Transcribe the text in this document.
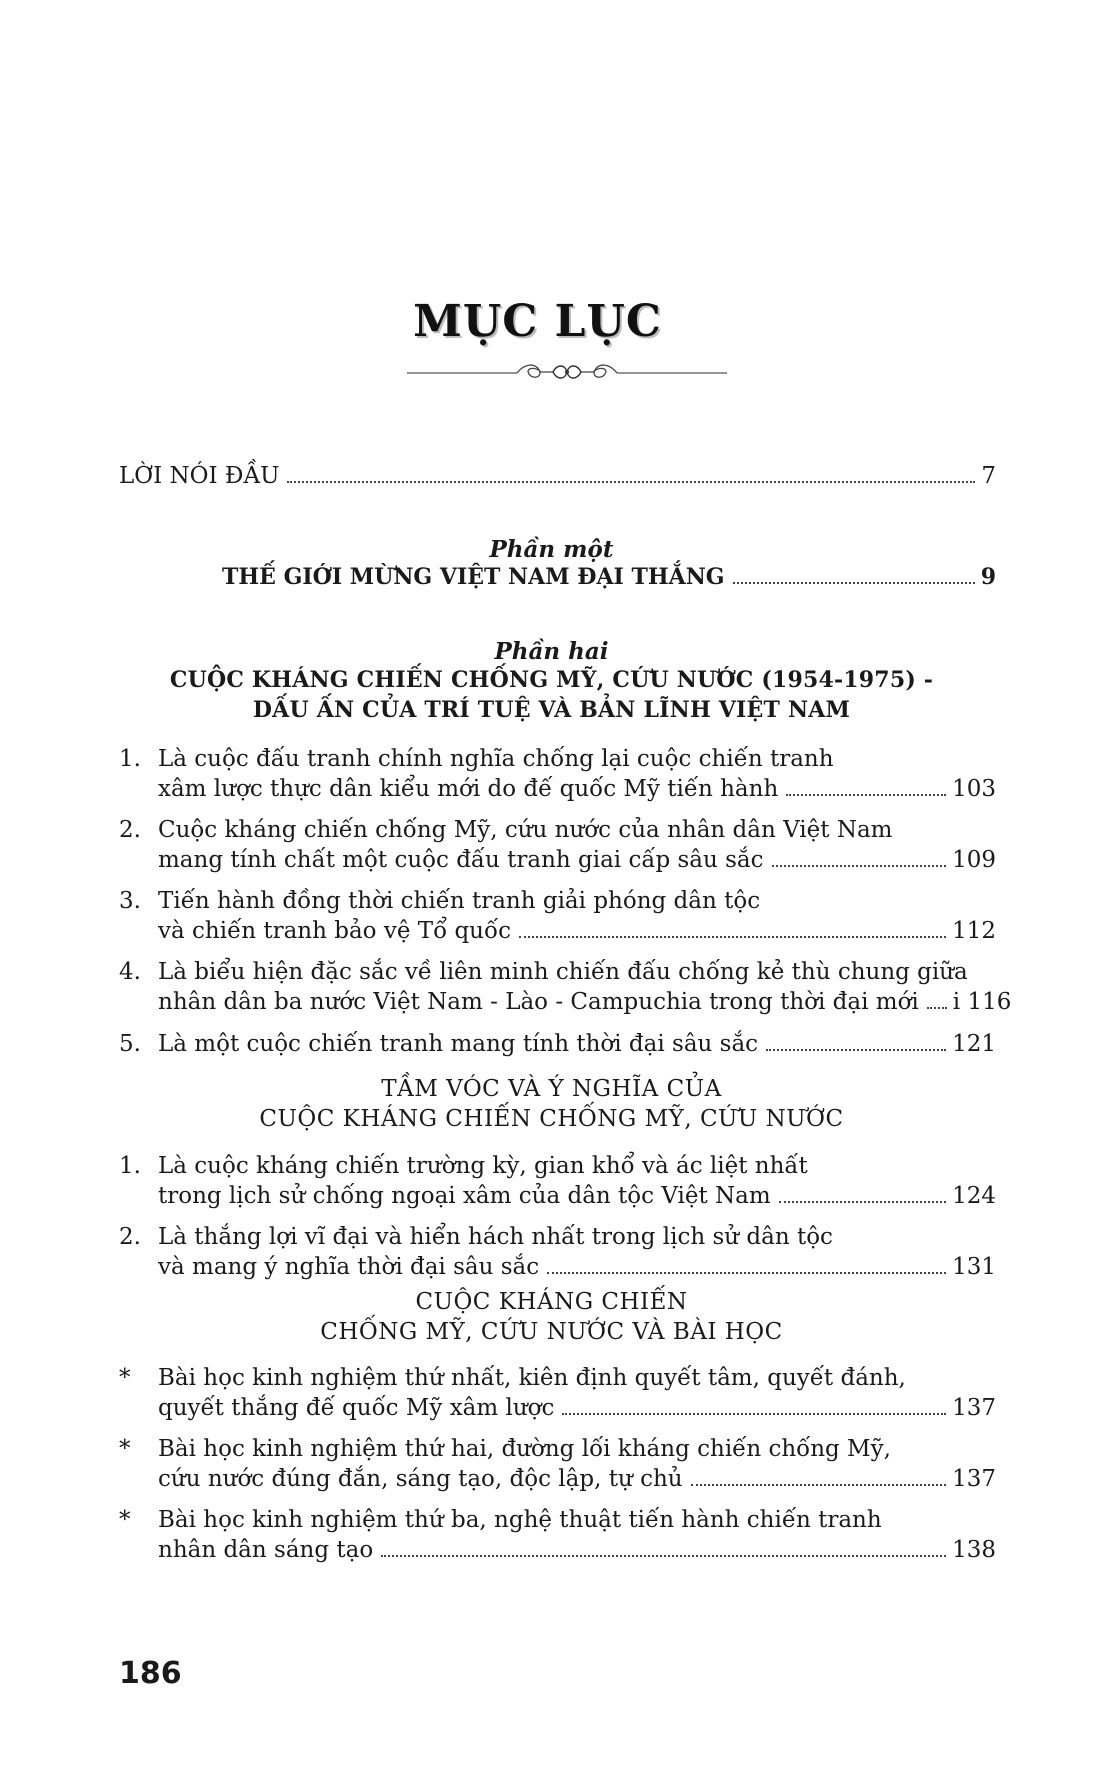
MỤC LỤC
LỜI NÓI ĐẦU	7
Phần một
THẾ GIỚI MỪNG VIỆT NAM ĐẠI THẮNG	9
Phần hai
CUỘC KHÁNG CHIẾN CHỐNG MỸ, CỨU NƯỚC (1954-1975) -
DẤU ẤN CỦA TRÍ TUỆ VÀ BẢN LĨNH VIỆT NAM
1. Là cuộc đấu tranh chính nghĩa chống lại cuộc chiến tranh
xâm lược thực dân kiểu mới do đế quốc Mỹ tiến hành	103
2. Cuộc kháng chiến chống Mỹ, cứu nước của nhân dân Việt Nam
mang tính chất một cuộc đấu tranh giai cấp sâu sắc	109
3. Tiến hành đồng thời chiến tranh giải phóng dân tộc
và chiến tranh bảo vệ Tổ quốc	112
4. Là biểu hiện đặc sắc về liên minh chiến đấu chống kẻ thù chung giữa
nhân dân ba nước Việt Nam - Lào - Campuchia trong thời đại mới i 116
5. Là một cuộc chiến tranh mang tính thời đại sâu sắc	121
TẦM VÓC VÀ Ý NGHĨA CỦA
CUỘC KHÁNG CHIẾN CHỐNG MỸ, CỨU NƯỚC
1. Là cuộc kháng chiến trường kỳ, gian khổ và ác liệt nhất
trong lịch sử chống ngoại xâm của dân tộc Việt Nam	124
2. Là thắng lợi vĩ đại và hiển hách nhất trong lịch sử dân tộc
và mang ý nghĩa thời đại sâu sắc	131
CUỘC KHÁNG CHIẾN
CHỐNG MỸ, CỨU NƯỚC VÀ BÀI HỌC
* Bài học kinh nghiệm thứ nhất, kiên định quyết tâm, quyết đánh,
quyết thắng đế quốc Mỹ xâm lược	137
* Bài học kinh nghiệm thứ hai, đường lối kháng chiến chống Mỹ,
cứu nước đúng đắn, sáng tạo, độc lập, tự chủ	137
* Bài học kinh nghiệm thứ ba, nghệ thuật tiến hành chiến tranh
nhân dân sáng tạo	138
186
